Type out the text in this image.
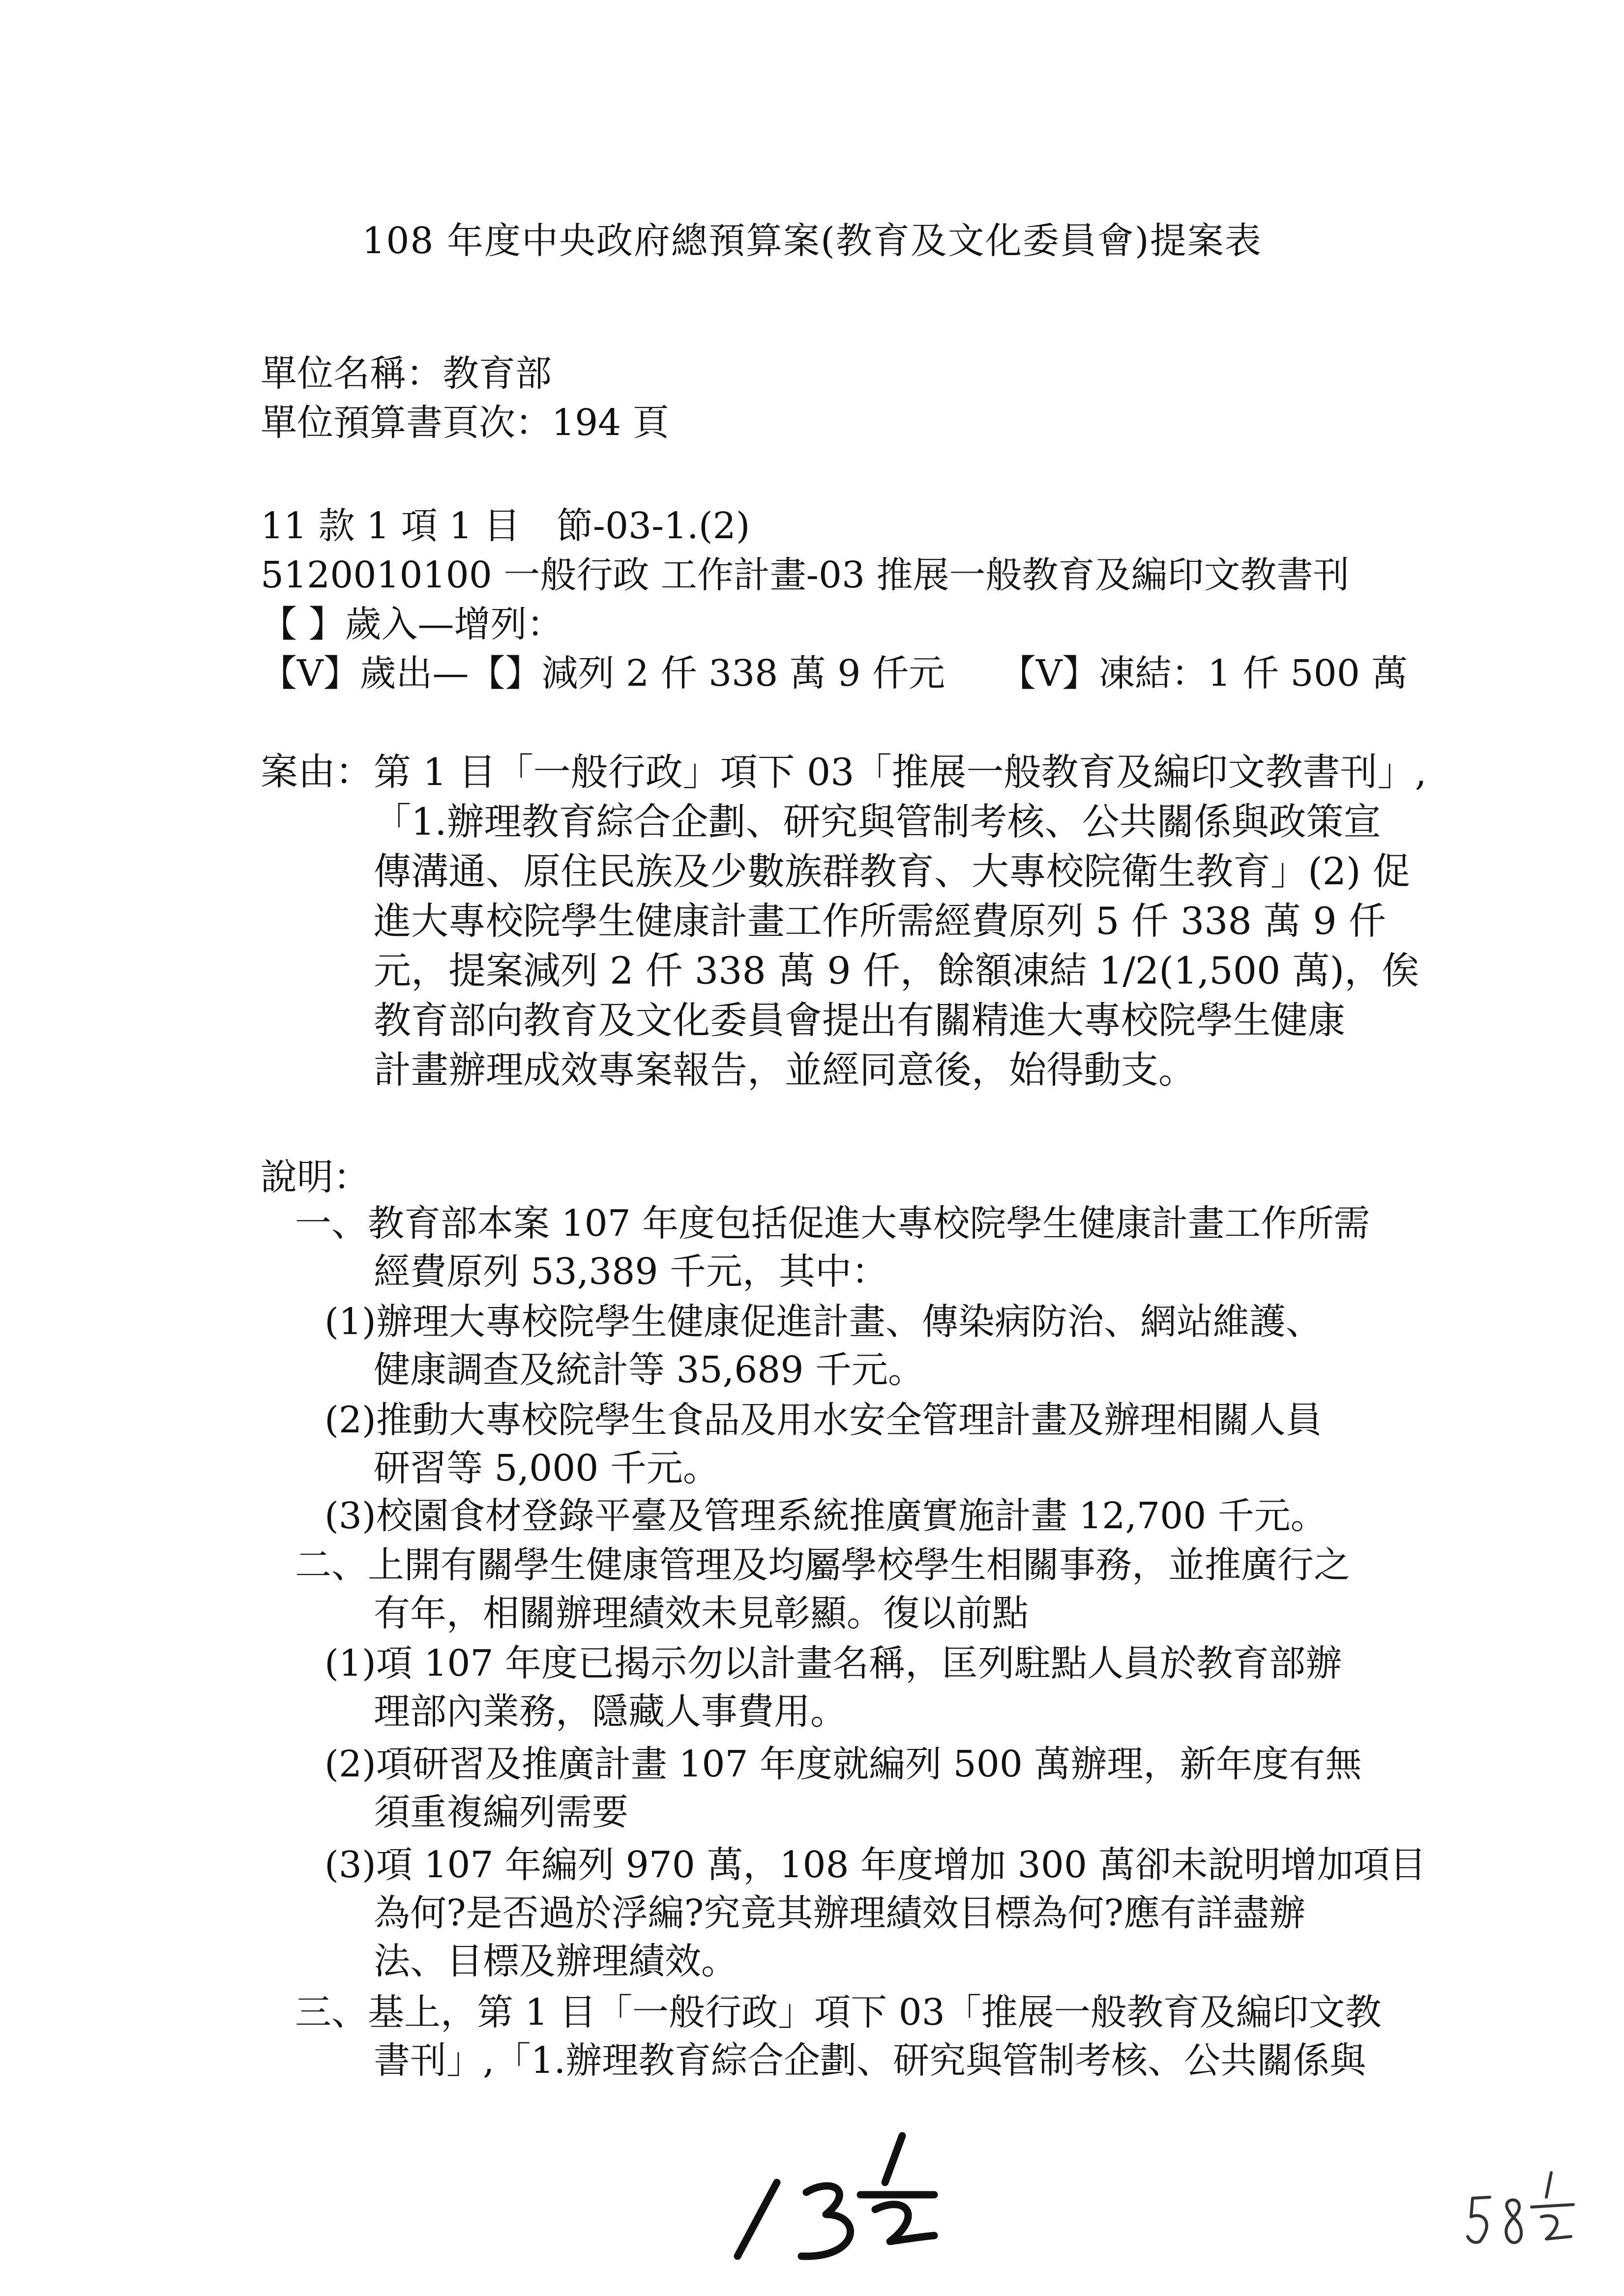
108 年度中央政府總預算案(教育及文化委員會)提案表
單位名稱：教育部
單位預算書頁次：194 頁
11 款 1 項 1 目　節-03-1.(2)
5120010100 一般行政 工作計畫-03 推展一般教育及編印文教書刊
【 】歲入—增列：
【V】歲出—【】減列 2 仟 338 萬 9 仟元　　【V】凍結：1 仟 500 萬
案由： 第 1 目「一般行政」項下 03「推展一般教育及編印文教書刊」,
「1.辦理教育綜合企劃、研究與管制考核、公共關係與政策宣
傳溝通、原住民族及少數族群教育、大專校院衛生教育」(2) 促
進大專校院學生健康計畫工作所需經費原列 5 仟 338 萬 9 仟
元，提案減列 2 仟 338 萬 9 仟，餘額凍結 1/2(1,500 萬)，俟
教育部向教育及文化委員會提出有關精進大專校院學生健康
計畫辦理成效專案報告，並經同意後，始得動支。
說明：
一、教育部本案 107 年度包括促進大專校院學生健康計畫工作所需
經費原列 53,389 千元，其中：
(1)辦理大專校院學生健康促進計畫、傳染病防治、網站維護、
健康調查及統計等 35,689 千元。
(2)推動大專校院學生食品及用水安全管理計畫及辦理相關人員
研習等 5,000 千元。
(3)校園食材登錄平臺及管理系統推廣實施計畫 12,700 千元。
二、上開有關學生健康管理及均屬學校學生相關事務，並推廣行之
有年，相關辦理績效未見彰顯。復以前點
(1)項 107 年度已揭示勿以計畫名稱，匡列駐點人員於教育部辦
理部內業務，隱藏人事費用。
(2)項研習及推廣計畫 107 年度就編列 500 萬辦理，新年度有無
須重複編列需要
(3)項 107 年編列 970 萬，108 年度增加 300 萬卻未說明增加項目
為何?是否過於浮編?究竟其辦理績效目標為何?應有詳盡辦
法、目標及辦理績效。
三、基上，第 1 目「一般行政」項下 03「推展一般教育及編印文教
書刊」,「1.辦理教育綜合企劃、研究與管制考核、公共關係與
